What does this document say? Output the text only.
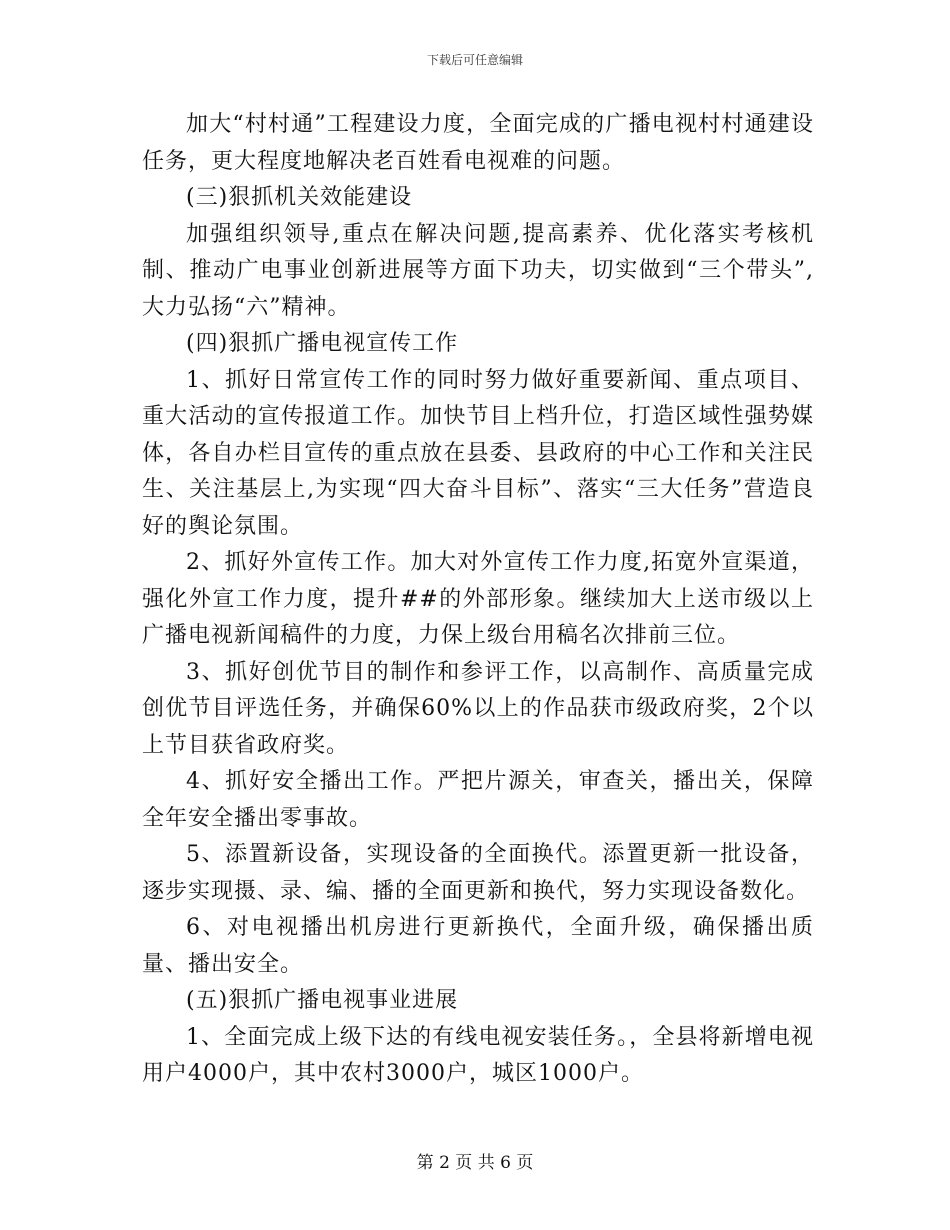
下载后可任意编辑

加大“村村通”工程建设力度，全面完成的广播电视村村通建设任务，更大程度地解决老百姓看电视难的问题。

(三)狠抓机关效能建设

加强组织领导,重点在解决问题,提高素养、优化落实考核机制、推动广电事业创新进展等方面下功夫，切实做到“三个带头”,大力弘扬“六”精神。

(四)狠抓广播电视宣传工作

1、抓好日常宣传工作的同时努力做好重要新闻、重点项目、重大活动的宣传报道工作。加快节目上档升位，打造区域性强势媒体，各自办栏目宣传的重点放在县委、县政府的中心工作和关注民生、关注基层上,为实现“四大奋斗目标”、落实“三大任务”营造良好的舆论氛围。

2、抓好外宣传工作。加大对外宣传工作力度,拓宽外宣渠道，强化外宣工作力度，提升##的外部形象。继续加大上送市级以上广播电视新闻稿件的力度，力保上级台用稿名次排前三位。

3、抓好创优节目的制作和参评工作，以高制作、高质量完成创优节目评选任务，并确保60%以上的作品获市级政府奖，2个以上节目获省政府奖。

4、抓好安全播出工作。严把片源关，审查关，播出关，保障全年安全播出零事故。

5、添置新设备，实现设备的全面换代。添置更新一批设备，逐步实现摄、录、编、播的全面更新和换代，努力实现设备数化。

6、对电视播出机房进行更新换代，全面升级，确保播出质量、播出安全。

(五)狠抓广播电视事业进展

1、全面完成上级下达的有线电视安装任务。，全县将新增电视用户4000户，其中农村3000户，城区1000户。

第 2 页 共 6 页
